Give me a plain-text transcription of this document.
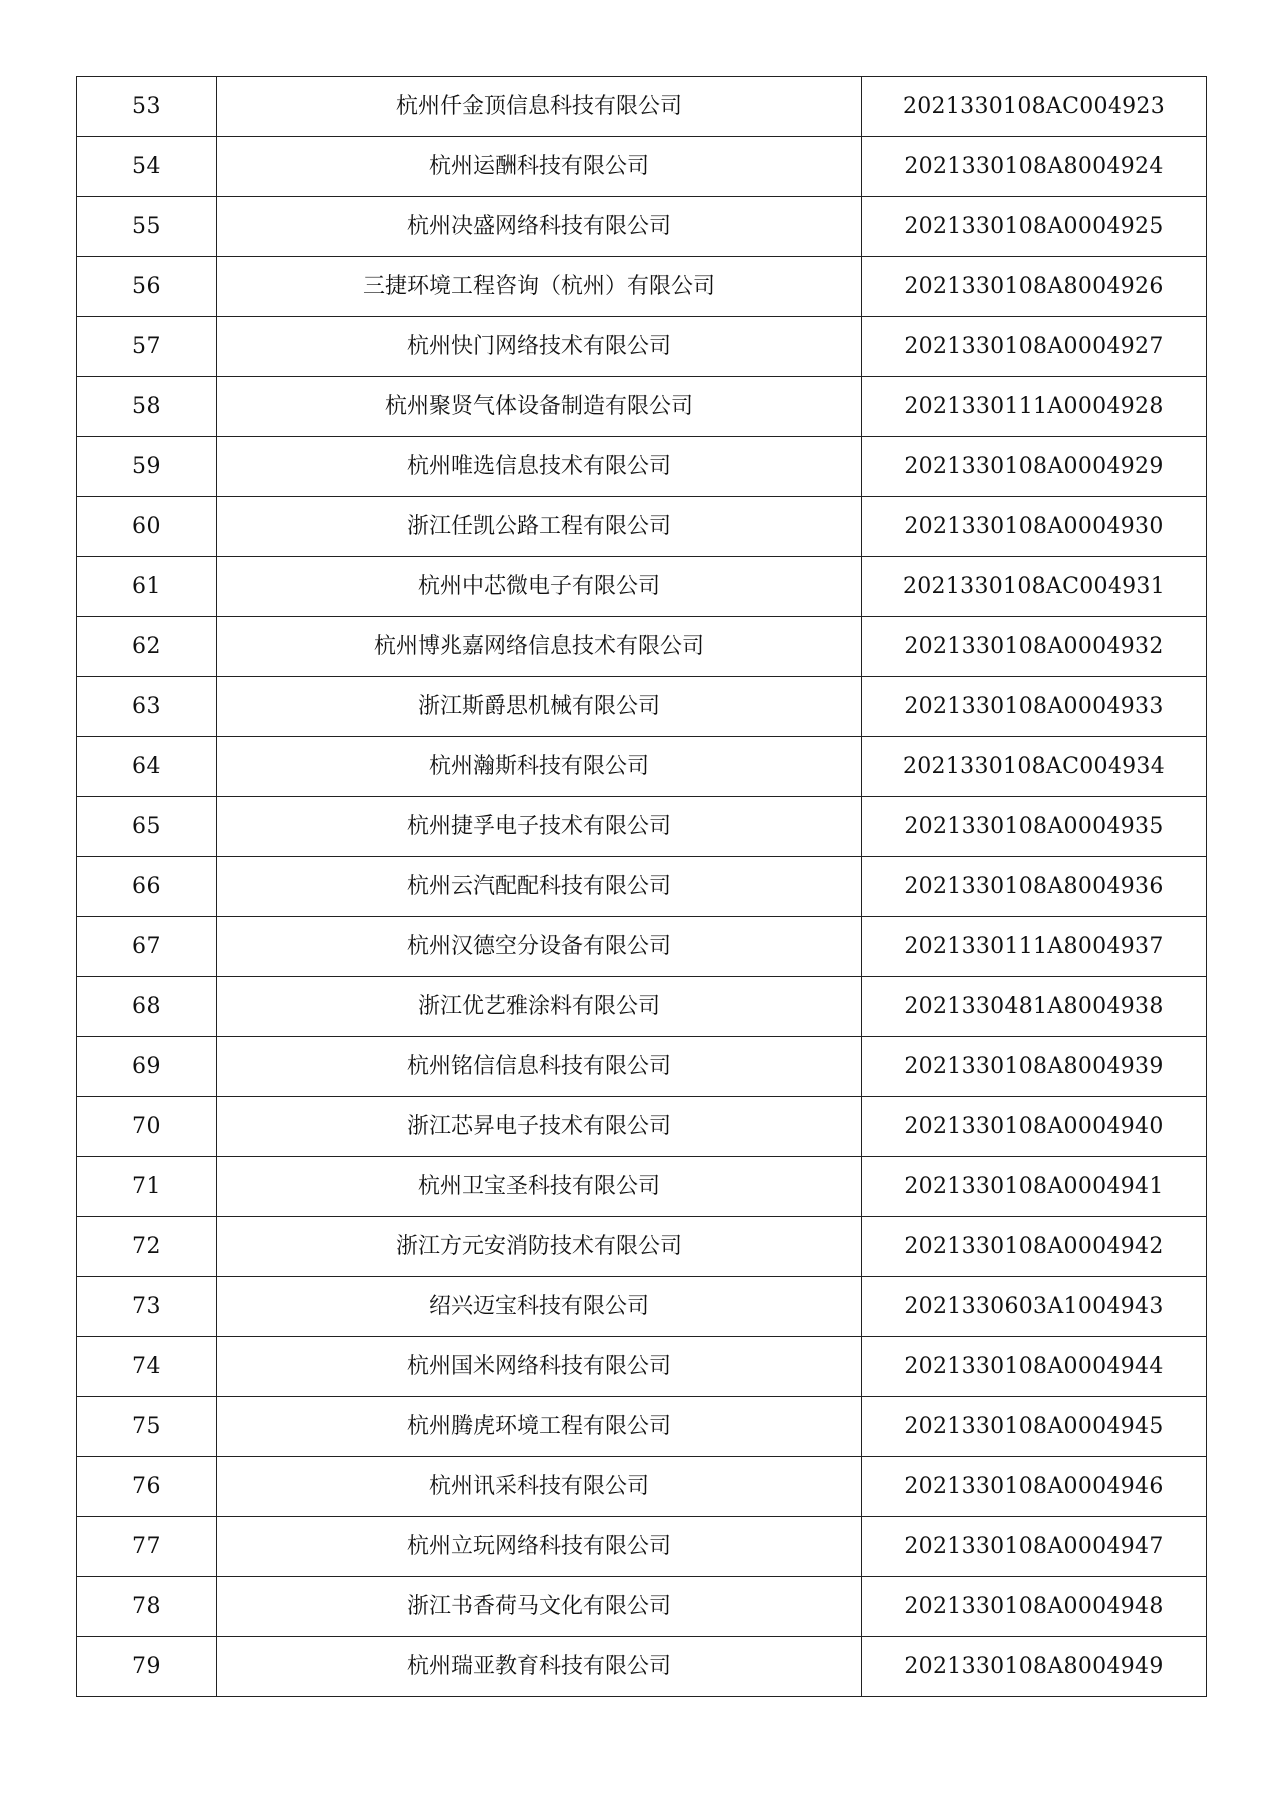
53	杭州仟金顶信息科技有限公司	2021330108AC004923
54	杭州运酬科技有限公司	2021330108A8004924
55	杭州决盛网络科技有限公司	2021330108A0004925
56	三捷环境工程咨询（杭州）有限公司	2021330108A8004926
57	杭州快门网络技术有限公司	2021330108A0004927
58	杭州聚贤气体设备制造有限公司	2021330111A0004928
59	杭州唯选信息技术有限公司	2021330108A0004929
60	浙江任凯公路工程有限公司	2021330108A0004930
61	杭州中芯微电子有限公司	2021330108AC004931
62	杭州博兆嘉网络信息技术有限公司	2021330108A0004932
63	浙江斯爵思机械有限公司	2021330108A0004933
64	杭州瀚斯科技有限公司	2021330108AC004934
65	杭州捷孚电子技术有限公司	2021330108A0004935
66	杭州云汽配配科技有限公司	2021330108A8004936
67	杭州汉德空分设备有限公司	2021330111A8004937
68	浙江优艺雅涂料有限公司	2021330481A8004938
69	杭州铭信信息科技有限公司	2021330108A8004939
70	浙江芯昇电子技术有限公司	2021330108A0004940
71	杭州卫宝圣科技有限公司	2021330108A0004941
72	浙江方元安消防技术有限公司	2021330108A0004942
73	绍兴迈宝科技有限公司	2021330603A1004943
74	杭州国米网络科技有限公司	2021330108A0004944
75	杭州腾虎环境工程有限公司	2021330108A0004945
76	杭州讯采科技有限公司	2021330108A0004946
77	杭州立玩网络科技有限公司	2021330108A0004947
78	浙江书香荷马文化有限公司	2021330108A0004948
79	杭州瑞亚教育科技有限公司	2021330108A8004949
